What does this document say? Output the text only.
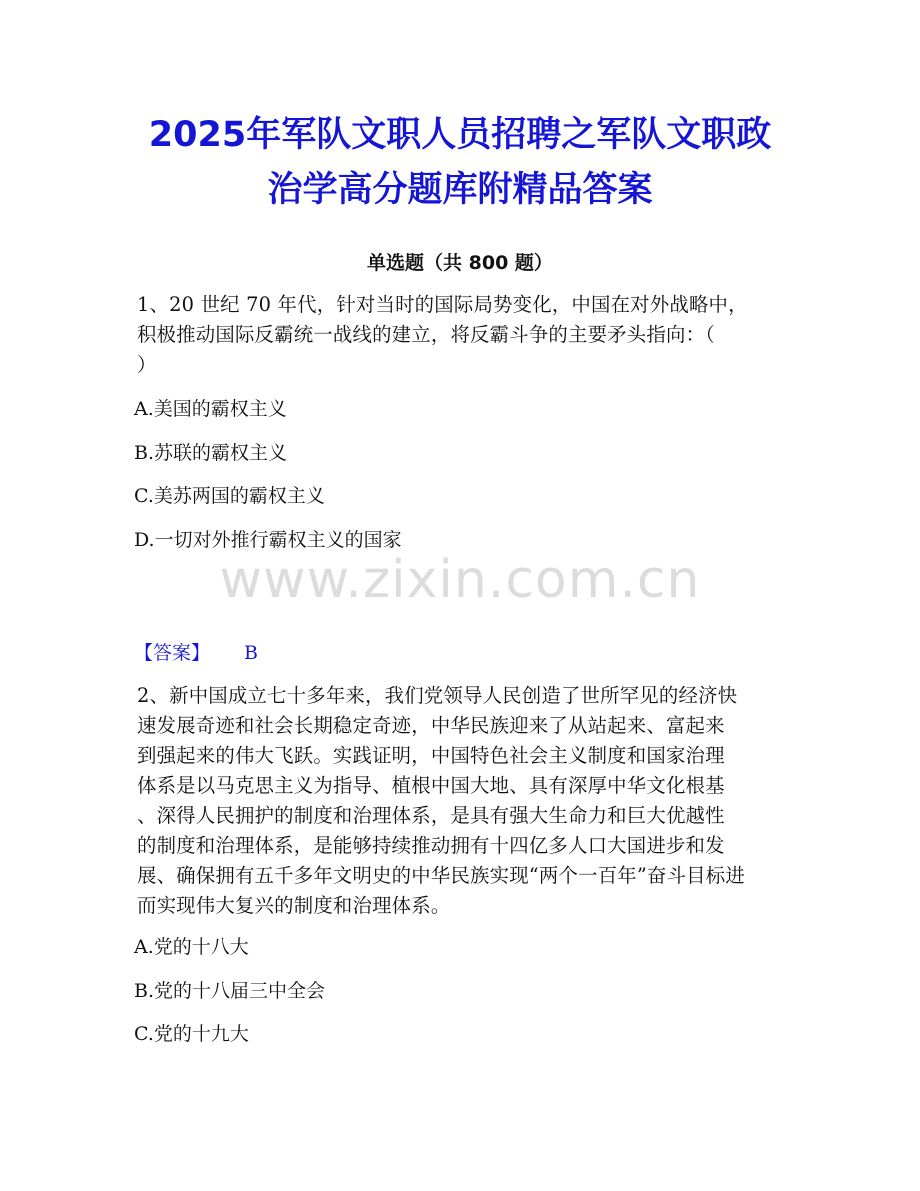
2025年军队文职人员招聘之军队文职政
治学高分题库附精品答案
单选题（共 800 题）
1、20 世纪 70 年代，针对当时的国际局势变化，中国在对外战略中，
积极推动国际反霸统一战线的建立，将反霸斗争的主要矛头指向：（
）
A.美国的霸权主义
B.苏联的霸权主义
C.美苏两国的霸权主义
D.一切对外推行霸权主义的国家
www.zixin.com.cn
【答案】 B
2、新中国成立七十多年来，我们党领导人民创造了世所罕见的经济快
速发展奇迹和社会长期稳定奇迹，中华民族迎来了从站起来、富起来
到强起来的伟大飞跃。实践证明，中国特色社会主义制度和国家治理
体系是以马克思主义为指导、植根中国大地、具有深厚中华文化根基
、深得人民拥护的制度和治理体系，是具有强大生命力和巨大优越性
的制度和治理体系，是能够持续推动拥有十四亿多人口大国进步和发
展、确保拥有五千多年文明史的中华民族实现“两个一百年”奋斗目标进
而实现伟大复兴的制度和治理体系。
A.党的十八大
B.党的十八届三中全会
C.党的十九大
